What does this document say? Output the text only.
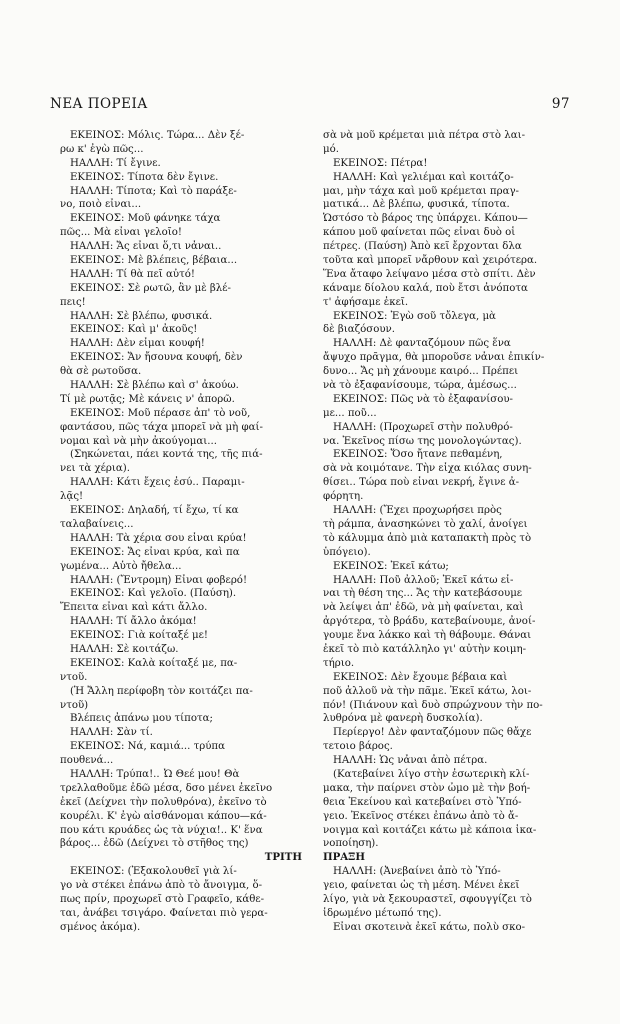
ΝΕΑ ΠΟΡΕΙΑ	97
ΕΚΕΙΝΟΣ: Μόλις. Τώρα... Δὲν ξέ-
ρω κ' ἐγὼ πῶς...
ΗΑΛΛΗ: Τί ἔγινε.
ΕΚΕΙΝΟΣ: Τίποτα δὲν ἔγινε.
ΗΑΛΛΗ: Τίποτα; Καὶ τὸ παράξε-
νο, ποιὸ εἶναι...
ΕΚΕΙΝΟΣ: Μοῦ φάνηκε τάχα
πῶς... Μὰ εἶναι γελοῖο!
ΗΑΛΛΗ: Ἄς εἶναι ὅ,τι νἆναι..
ΕΚΕΙΝΟΣ: Μὲ βλέπεις, βέβαια...
ΗΑΛΛΗ: Τί θὰ πεῖ αὐτό!
ΕΚΕΙΝΟΣ: Σὲ ρωτῶ, ἂν μὲ βλέ-
πεις!
ΗΑΛΛΗ: Σὲ βλέπω, φυσικά.
ΕΚΕΙΝΟΣ: Καὶ μ' ἀκοῦς!
ΗΑΛΛΗ: Δὲν εἶμαι κουφή!
ΕΚΕΙΝΟΣ: Ἄν ἤσουνα κουφή, δὲν
θὰ σὲ ρωτοῦσα.
ΗΑΛΛΗ: Σὲ βλέπω καὶ σ' ἀκούω.
Τί μὲ ρωτᾷς; Μὲ κάνεις ν' ἀπορῶ.
ΕΚΕΙΝΟΣ: Μοῦ πέρασε ἀπ' τὸ νοῦ,
φαντάσου, πῶς τάχα μπορεῖ νὰ μὴ φαί-
νομαι καὶ νὰ μὴν ἀκούγομαι...
(Σηκώνεται, πάει κοντά της, τῆς πιά-
νει τὰ χέρια).
ΗΑΛΛΗ: Κάτι ἔχεις ἐσύ.. Παραμι-
λᾷς!
ΕΚΕΙΝΟΣ: Δηλαδή, τί ἔχω, τί κα
ταλαβαίνεις...
ΗΑΛΛΗ: Τὰ χέρια σου εἶναι κρύα!
ΕΚΕΙΝΟΣ: Ἄς εἶναι κρύα, καὶ πα
γωμένα... Αὐτὸ ἤθελα...
ΗΑΛΛΗ: (Ἔντρομη) Εἶναι φοβερό!
ΕΚΕΙΝΟΣ: Καὶ γελοῖο. (Παύση).
Ἔπειτα εἶναι καὶ κάτι ἄλλο.
ΗΑΛΛΗ: Τί ἄλλο ἀκόμα!
ΕΚΕΙΝΟΣ: Γιὰ κοίταξέ με!
ΗΑΛΛΗ: Σὲ κοιτάζω.
ΕΚΕΙΝΟΣ: Καλὰ κοίταξέ με, πα-
ντοῦ.
(Ἡ Ἄλλη περίφοβη τὸν κοιτάζει πα-
ντοῦ)
Βλέπεις ἀπάνω μου τίποτα;
ΗΑΛΛΗ: Σὰν τί.
ΕΚΕΙΝΟΣ: Νά, καμιά... τρύπα
πουθενά...
ΗΑΛΛΗ: Τρύπα!.. Ὦ Θεέ μου! Θὰ
τρελλαθοῦμε ἐδῶ μέσα, δσο μένει ἐκεῖνο
ἐκεῖ (Δείχνει τὴν πολυθρόνα), ἐκεῖνο τὸ
κουρέλι. Κ' ἐγὼ αἰσθάνομαι κάπου—κά-
που κάτι κρυάδες ὡς τὰ νύχια!.. Κ' ἕνα
βάρος... ἐδῶ (Δείχνει τὸ στῆθος της)
ΤΡΙΤΗ
ΕΚΕΙΝΟΣ: (Ἐξακολουθεῖ γιὰ λί-
γο νὰ στέκει ἐπάνω ἀπὸ τὸ ἄνοιγμα, ὅ-
πως πρίν, προχωρεῖ στὸ Γραφεῖο, κάθε-
ται, ἀνάβει τσιγάρο. Φαίνεται πιὸ γερα-
σμένος ἀκόμα).
σὰ νὰ μοῦ κρέμεται μιὰ πέτρα στὸ λαι-
μό.
ΕΚΕΙΝΟΣ: Πέτρα!
ΗΑΛΛΗ: Καὶ γελιέμαι καὶ κοιτάζο-
μαι, μὴν τάχα καὶ μοῦ κρέμεται πραγ-
ματικά... Δὲ βλέπω, φυσικά, τίποτα.
Ὡστόσο τὸ βάρος της ὑπάρχει. Κάπου—
κάπου μοῦ φαίνεται πῶς εἶναι δυὸ οἱ
πέτρες. (Παύση) Ἀπὸ κεῖ ἔρχονται δλα
τοῦτα καὶ μπορεῖ νἄρθουν καὶ χειρότερα.
Ἕνα ἄταφο λείψανο μέσα στὸ σπίτι. Δὲν
κάναμε δίολου καλά, ποὺ ἔτσι ἀνόποτα
τ' ἀφήσαμε ἐκεῖ.
ΕΚΕΙΝΟΣ: Ἐγὼ σοῦ τὄλεγα, μὰ
δὲ βιαζόσουν.
ΗΑΛΛΗ: Δὲ φανταζόμουν πῶς ἕνα
ἄψυχο πρᾶγμα, θὰ μποροῦσε νἆναι ἐπικίν-
δυνο... Ἄς μὴ χάνουμε καιρό... Πρέπει
νὰ τὸ ἐξαφανίσουμε, τώρα, ἀμέσως...
ΕΚΕΙΝΟΣ: Πῶς νὰ τὸ ἐξαφανίσου-
με... ποῦ...
ΗΑΛΛΗ: (Προχωρεῖ στὴν πολυθρό-
να. Ἐκεῖνος πίσω της μονολογώντας).
ΕΚΕΙΝΟΣ: Ὅσο ἤτανε πεθαμένη,
σὰ νὰ κοιμότανε. Τὴν εἶχα κιόλας συνη-
θίσει.. Τώρα ποὺ εἶναι νεκρή, ἔγινε ἀ-
φόρητη.
ΗΑΛΛΗ: (Ἔχει προχωρήσει πρὸς
τὴ ράμπα, ἀνασηκώνει τὸ χαλί, ἀνοίγει
τὸ κάλυμμα ἀπὸ μιὰ καταπακτὴ πρὸς τὸ
ὑπόγειο).
ΕΚΕΙΝΟΣ: Ἐκεῖ κάτω;
ΗΑΛΛΗ: Ποῦ ἀλλοῦ; Ἐκεῖ κάτω εἶ-
ναι τὴ θέση της... Ἄς τὴν κατεβάσουμε
νὰ λείψει ἀπ' ἐδῶ, νὰ μὴ φαίνεται, καὶ
ἀργότερα, τὸ βράδυ, κατεβαίνουμε, ἀνοί-
γουμε ἕνα λάκκο καὶ τὴ θάβουμε. Θάναι
ἐκεῖ τὸ πιὸ κατάλληλο γι' αὐτὴν κοιμη-
τήριο.
ΕΚΕΙΝΟΣ: Δὲν ἔχουμε βέβαια καὶ
ποῦ ἀλλοῦ νὰ τὴν πᾶμε. Ἐκεῖ κάτω, λοι-
πόν! (Πιάνουν καὶ δυὸ σπρώχνουν τὴν πο-
λυθρόνα μὲ φανερὴ δυσκολία).
Περίεργο! Δὲν φανταζόμουν πῶς θἄχε
τετοιο βάρος.
ΗΑΛΛΗ: Ὡς νἆναι ἀπὸ πέτρα.
(Κατεβαίνει λίγο στὴν ἐσωτερικὴ κλί-
μακα, τὴν παίρνει στὸν ὦμο μὲ τὴν βοή-
θεια Ἐκείνου καὶ κατεβαίνει στὸ Ὑπό-
γειο. Ἐκεῖνος στέκει ἐπάνω ἀπὸ τὸ ἄ-
νοιγμα καὶ κοιτάζει κάτω μὲ κάποια ἱκα-
νοποίηση).
ΠΡΑΞΗ
ΗΑΛΛΗ: (Ἀνεβαίνει ἀπὸ τὸ Ὑπό-
γειο, φαίνεται ὡς τὴ μέση. Μένει ἐκεῖ
λίγο, γιὰ νὰ ξεκουραστεῖ, σφουγγίζει τὸ
ἱδρωμένο μέτωπό της).
Εἶναι σκοτεινὰ ἐκεῖ κάτω, πολὺ σκο-
